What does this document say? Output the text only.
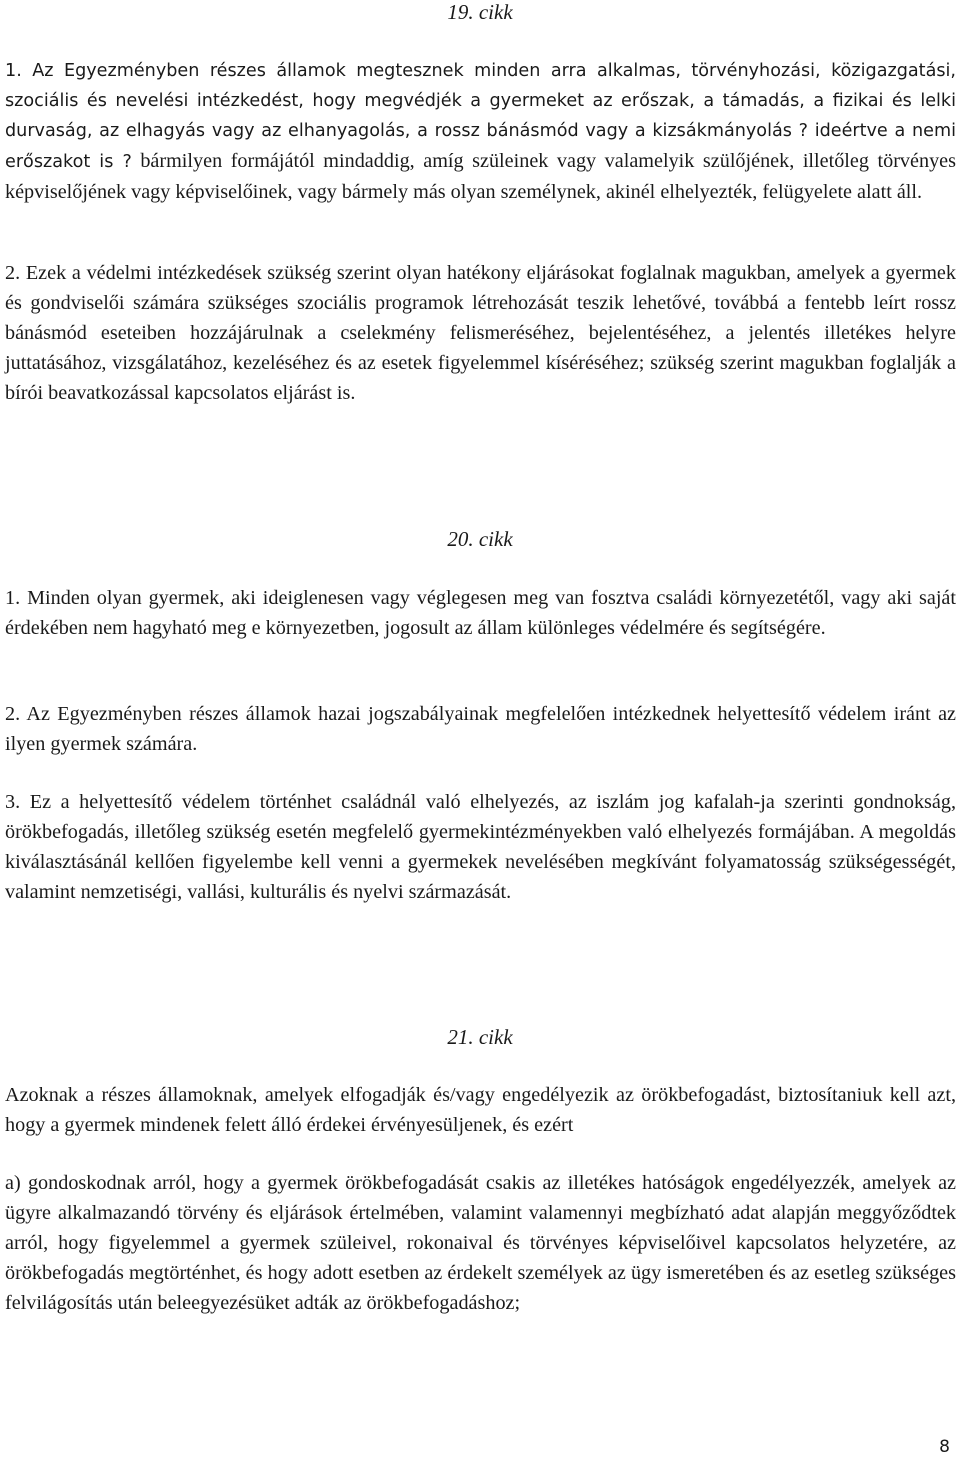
19. cikk
1. Az Egyezményben részes államok megtesznek minden arra alkalmas, törvényhozási, közigazgatási, szociális és nevelési intézkedést, hogy megvédjék a gyermeket az erőszak, a támadás, a fizikai és lelki durvaság, az elhagyás vagy az elhanyagolás, a rossz bánásmód vagy a kizsákmányolás ? ideértve a nemi erőszakot is ? bármilyen formájától mindaddig, amíg szüleinek vagy valamelyik szülőjének, illetőleg törvényes képviselőjének vagy képviselőinek, vagy bármely más olyan személynek, akinél elhelyezték, felügyelete alatt áll.
2. Ezek a védelmi intézkedések szükség szerint olyan hatékony eljárásokat foglalnak magukban, amelyek a gyermek és gondviselői számára szükséges szociális programok létrehozását teszik lehetővé, továbbá a fentebb leírt rossz bánásmód eseteiben hozzájárulnak a cselekmény felismeréséhez, bejelentéséhez, a jelentés illetékes helyre juttatásához, vizsgálatához, kezeléséhez és az esetek figyelemmel kíséréséhez; szükség szerint magukban foglalják a bírói beavatkozással kapcsolatos eljárást is.
20. cikk
1. Minden olyan gyermek, aki ideiglenesen vagy véglegesen meg van fosztva családi környezetétől, vagy aki saját érdekében nem hagyható meg e környezetben, jogosult az állam különleges védelmére és segítségére.
2. Az Egyezményben részes államok hazai jogszabályainak megfelelően intézkednek helyettesítő védelem iránt az ilyen gyermek számára.
3. Ez a helyettesítő védelem történhet családnál való elhelyezés, az iszlám jog kafalah-ja szerinti gondnokság, örökbefogadás, illetőleg szükség esetén megfelelő gyermekintézményekben való elhelyezés formájában. A megoldás kiválasztásánál kellően figyelembe kell venni a gyermekek nevelésében megkívánt folyamatosság szükségességét, valamint nemzetiségi, vallási, kulturális és nyelvi származását.
21. cikk
Azoknak a részes államoknak, amelyek elfogadják és/vagy engedélyezik az örökbefogadást, biztosítaniuk kell azt, hogy a gyermek mindenek felett álló érdekei érvényesüljenek, és ezért
a) gondoskodnak arról, hogy a gyermek örökbefogadását csakis az illetékes hatóságok engedélyezzék, amelyek az ügyre alkalmazandó törvény és eljárások értelmében, valamint valamennyi megbízható adat alapján meggyőződtek arról, hogy figyelemmel a gyermek szüleivel, rokonaival és törvényes képviselőivel kapcsolatos helyzetére, az örökbefogadás megtörténhet, és hogy adott esetben az érdekelt személyek az ügy ismeretében és az esetleg szükséges felvilágosítás után beleegyezésüket adták az örökbefogadáshoz;
8
